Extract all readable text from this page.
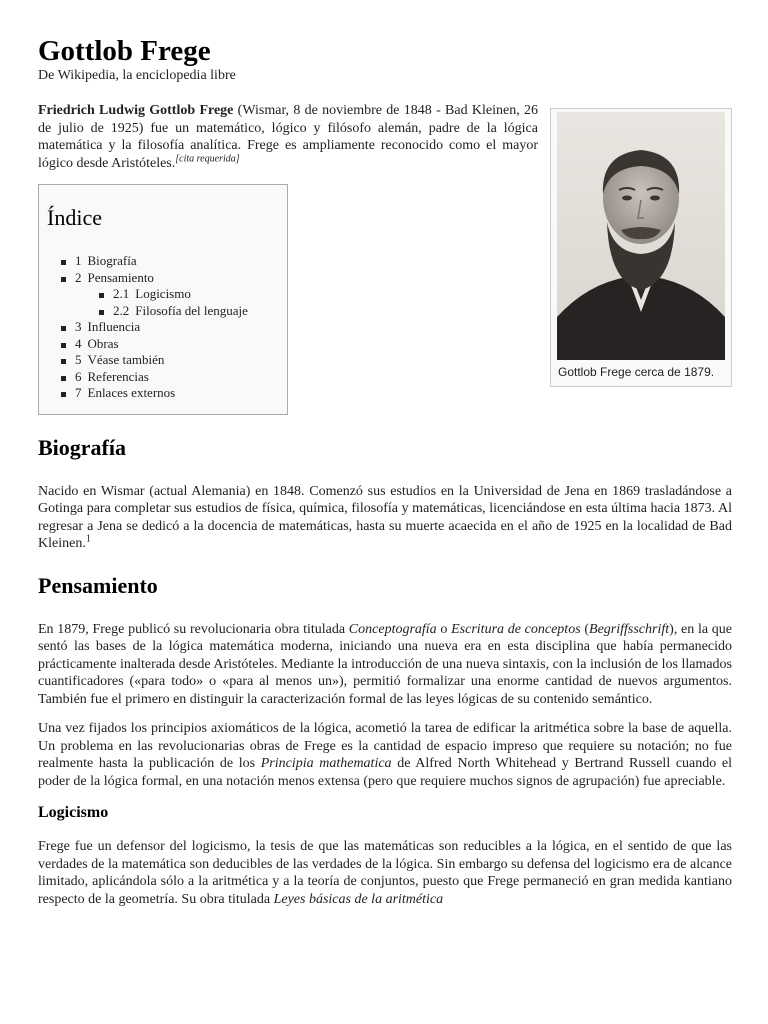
Gottlob Frege
De Wikipedia, la enciclopedia libre
Gottlob Frege cerca de 1879.

Friedrich Ludwig Gottlob Frege (Wismar, 8 de noviembre de 1848 - Bad Kleinen, 26 de julio de 1925) fue un matemático, lógico y filósofo alemán, padre de la lógica matemática y la filosofía analítica. Frege es ampliamente reconocido como el mayor lógico desde Aristóteles.[cita requerida]

Índice
1 Biografía
2 Pensamiento
2.1 Logicismo
2.2 Filosofía del lenguaje
3 Influencia
4 Obras
5 Véase también
6 Referencias
7 Enlaces externos
Biografía

Nacido en Wismar (actual Alemania) en 1848. Comenzó sus estudios en la Universidad de Jena en 1869 trasladándose a Gotinga para completar sus estudios de física, química, filosofía y matemáticas, licenciándose en esta última hacia 1873. Al regresar a Jena se dedicó a la docencia de matemáticas, hasta su muerte acaecida en el año de 1925 en la localidad de Bad Kleinen.$^1$

Pensamiento

En 1879, Frege publicó su revolucionaria obra titulada Conceptografía o Escritura de conceptos (Begriffsschrift), en la que sentó las bases de la lógica matemática moderna, iniciando una nueva era en esta disciplina que había permanecido prácticamente inalterada desde Aristóteles. Mediante la introducción de una nueva sintaxis, con la inclusión de los llamados cuantificadores («para todo» o «para al menos un»), permitió formalizar una enorme cantidad de nuevos argumentos. También fue el primero en distinguir la caracterización formal de las leyes lógicas de su contenido semántico.

Una vez fijados los principios axiomáticos de la lógica, acometió la tarea de edificar la aritmética sobre la base de aquella. Un problema en las revolucionarias obras de Frege es la cantidad de espacio impreso que requiere su notación; no fue realmente hasta la publicación de los Principia mathematica de Alfred North Whitehead y Bertrand Russell cuando el poder de la lógica formal, en una notación menos extensa (pero que requiere muchos signos de agrupación) fue apreciable.

Logicismo

Frege fue un defensor del logicismo, la tesis de que las matemáticas son reducibles a la lógica, en el sentido de que las verdades de la matemática son deducibles de las verdades de la lógica. Sin embargo su defensa del logicismo era de alcance limitado, aplicándola sólo a la aritmética y a la teoría de conjuntos, puesto que Frege permaneció en gran medida kantiano respecto de la geometría. Su obra titulada Leyes básicas de la aritmética
